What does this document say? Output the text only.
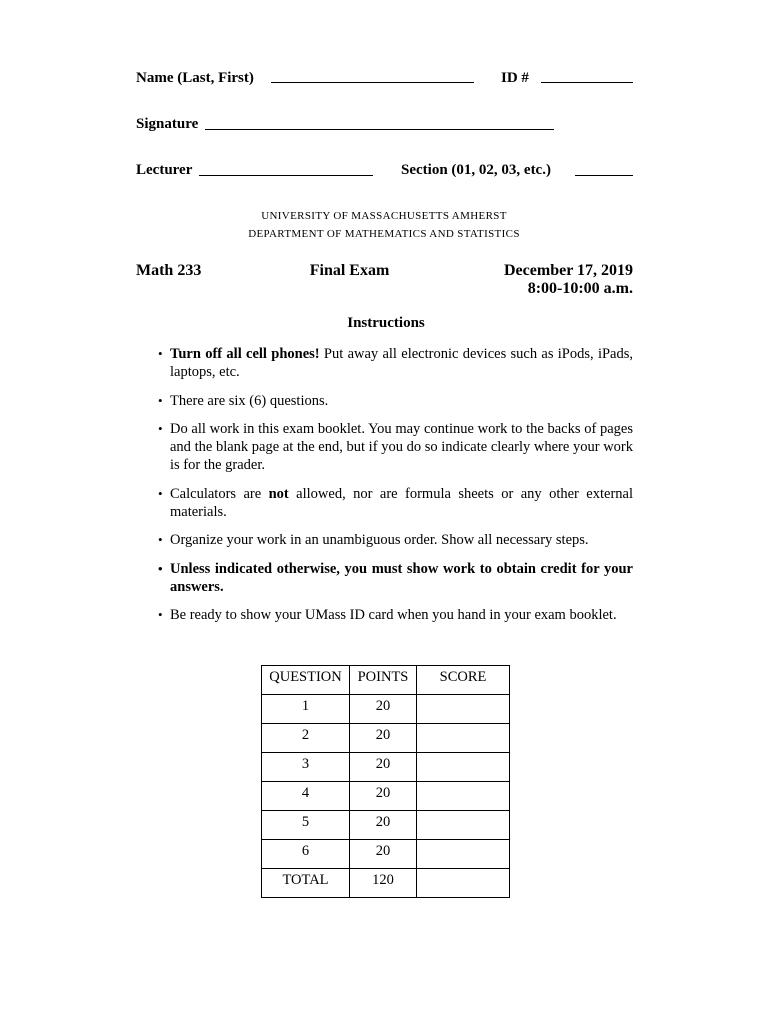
Name (Last, First)	ID #
Signature
Lecturer	Section (01, 02, 03, etc.)
UNIVERSITY OF MASSACHUSETTS AMHERST
DEPARTMENT OF MATHEMATICS AND STATISTICS
Math 233	Final Exam	December 17, 2019
8:00-10:00 a.m.
Instructions
• Turn off all cell phones! Put away all electronic devices such as iPods, iPads, laptops, etc.
• There are six (6) questions.
• Do all work in this exam booklet. You may continue work to the backs of pages and the blank page at the end, but if you do so indicate clearly where your work is for the grader.
• Calculators are not allowed, nor are formula sheets or any other external materials.
• Organize your work in an unambiguous order. Show all necessary steps.
• Unless indicated otherwise, you must show work to obtain credit for your answers.
• Be ready to show your UMass ID card when you hand in your exam booklet.
QUESTION	POINTS	SCORE
1	20	
2	20	
3	20	
4	20	
5	20	
6	20	
TOTAL	120	
